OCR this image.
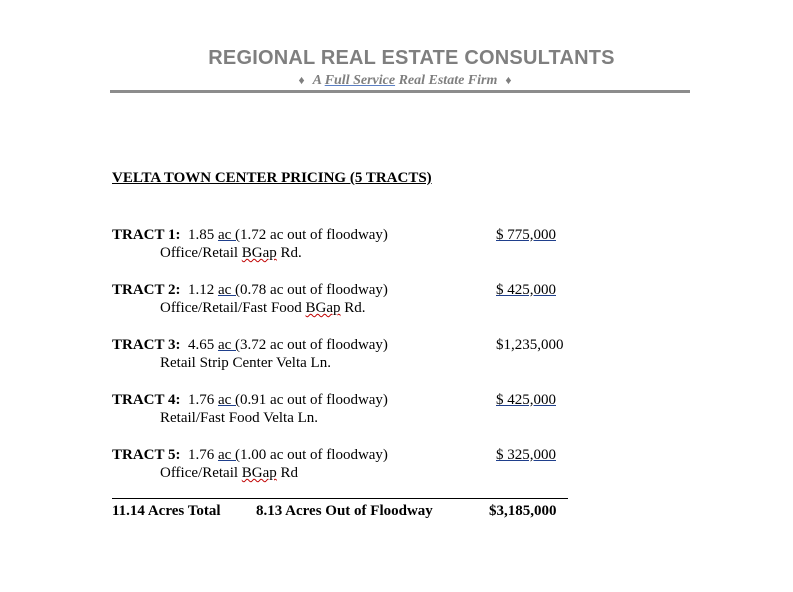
REGIONAL REAL ESTATE CONSULTANTS
♦ A Full Service Real Estate Firm ♦
VELTA TOWN CENTER PRICING (5 TRACTS)
TRACT 1: 1.85 ac (1.72 ac out of floodway)
Office/Retail BGap Rd.
$ 775,000
TRACT 2: 1.12 ac (0.78 ac out of floodway)
Office/Retail/Fast Food BGap Rd.
$ 425,000
TRACT 3: 4.65 ac (3.72 ac out of floodway)
Retail Strip Center Velta Ln.
$1,235,000
TRACT 4: 1.76 ac (0.91 ac out of floodway)
Retail/Fast Food Velta Ln.
$ 425,000
TRACT 5: 1.76 ac (1.00 ac out of floodway)
Office/Retail BGap Rd
$ 325,000
11.14 Acres Total 8.13 Acres Out of Floodway	$3,185,000
